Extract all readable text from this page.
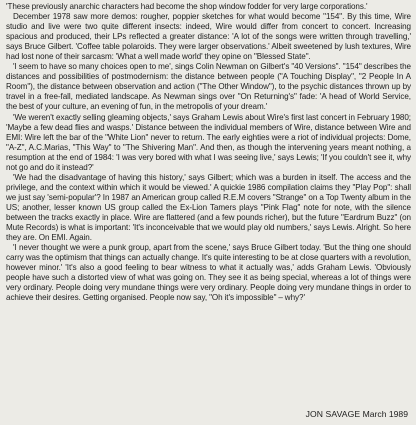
'These previously anarchic characters had become the shop window fodder for very large corporations.'

December 1978 saw more demos: rougher, poppier sketches for what would become "154". By this time, Wire studio and live were two quite different insects: indeed, Wire would differ from concert to concert. Increasing spacious and produced, their LPs reflected a greater distance: 'A lot of the songs were written through travelling,' says Bruce Gilbert. 'Coffee table polaroids. They were larger observations.' Albeit sweetened by lush textures, Wire had lost none of their sarcasm: 'What a well made world' they opine on "Blessed State".

'I seem to have so many choices open to me', sings Colin Newman on Gilbert's "40 Versions". "154" describes the distances and possibilities of postmodernism: the distance between people ("A Touching Display", "2 People In A Room"), the distance between observation and action ("The Other Window"), to the psychic distances thrown up by travel in a free-fall, mediated landscape. As Newman sings over "On Returning's" fade: 'A head of World Service, the best of your culture, an evening of fun, in the metropolis of your dream.'

'We weren't exactly selling gleaming objects,' says Graham Lewis about Wire's first last concert in February 1980; 'Maybe a few dead flies and wasps.' Distance between the individual members of Wire, distance between Wire and EMI: Wire left the bar of the "White Lion" never to return. The early eighties were a riot of individual projects: Dome, "A-Z", A.C.Marias, "This Way" to "The Shivering Man". And then, as though the intervening years meant nothing, a resumption at the end of 1984: 'I was very bored with what I was seeing live,' says Lewis; 'If you couldn't see it, why not go and do it instead?'

'We had the disadvantage of having this history,' says Gilbert; which was a burden in itself. The access and the privilege, and the context within which it would be viewed.' A quickie 1986 compilation claims they "Play Pop": shall we just say 'semi-popular'? In 1987 an American group called R.E.M covers "Strange" on a Top Twenty album in the US; another, lesser known US group called the Ex-Lion Tamers plays "Pink Flag" note for note, with the silence between the tracks exactly in place. Wire are flattered (and a few pounds richer), but the future "Eardrum Buzz" (on Mute Records) is what is important: 'It's inconceivable that we would play old numbers,' says Lewis. Alright. So here they are. On EMI. Again.

'I never thought we were a punk group, apart from the scene,' says Bruce Gilbert today. 'But the thing one should carry was the optimism that things can actually change. It's quite interesting to be at close quarters with a revolution, however minor.' 'It's also a good feeling to bear witness to what it actually was,' adds Graham Lewis. 'Obviously people have such a distorted view of what was going on. They see it as being special, whereas a lot of things were very ordinary. People doing very mundane things were very ordinary. People doing very mundane things in order to achieve their desires. Getting organised. People now say, "Oh it's impossible" – why?'

JON SAVAGE March 1989
